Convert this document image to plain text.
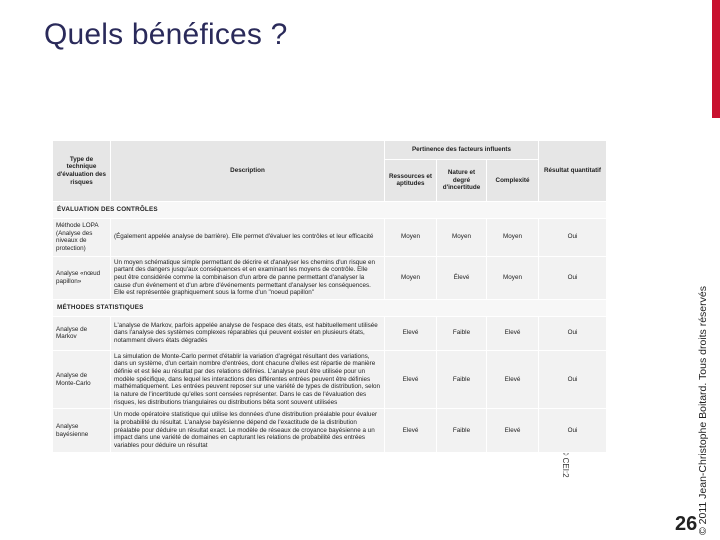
Quels bénéfices ?
© 2011 Jean-Christophe Boitard. Tous droits réservés
26
Type de technique d'évaluation des risques	Description	Pertinence des facteurs influents			Résultat quantitatif
		Ressources et aptitudes	Nature et degré d'incertitude	Complexité	
ÉVALUATION DES CONTRÔLES					
Méthode LOPA (Analyse des niveaux de protection)	(Également appelée analyse de barrière). Elle permet d'évaluer les contrôles et leur efficacité	Moyen	Moyen	Moyen	Oui
Analyse «nœud papillon»	Un moyen schématique simple permettant de décrire et d'analyser les chemins d'un risque en partant des dangers jusqu'aux conséquences et en examinant les moyens de contrôle. Elle peut être considérée comme la combinaison d'un arbre de panne permettant d'analyser la cause d'un événement et d'un arbre d'événements permettant d'analyser les conséquences. Elle est représentée graphiquement sous la forme d'un "noeud papillon"	Moyen	Élevé	Moyen	Oui
MÉTHODES STATISTIQUES					
Analyse de Markov	L'analyse de Markov, parfois appelée analyse de l'espace des états, est habituellement utilisée dans l'analyse des systèmes complexes réparables qui peuvent exister en plusieurs états, notamment divers états dégradés	Elevé	Faible	Elevé	Oui
Analyse de Monte-Carlo	La simulation de Monte-Carlo permet d'établir la variation d'agrégat résultant des variations, dans un système, d'un certain nombre d'entrées, dont chacune d'elles est répartie de manière définie et est liée au résultat par des relations définies. L'analyse peut être utilisée pour un modèle spécifique, dans lequel les interactions des différentes entrées peuvent être définies mathématiquement. Les entrées peuvent reposer sur une variété de types de distribution, selon la nature de l'incertitude qu'elles sont censées représenter. Dans le cas de l'évaluation des risques, les distributions triangulaires ou distributions bêta sont souvent utilisées	Elevé	Faible	Elevé	Oui
Analyse bayésienne	Un mode opératoire statistique qui utilise les données d'une distribution préalable pour évaluer la probabilité du résultat. L'analyse bayésienne dépend de l'exactitude de la distribution préalable pour déduire un résultat exact. Le modèle de réseaux de croyance bayésienne a un impact dans une variété de domaines en capturant les relations de probabilité des entrées variables pour déduire un résultat	Elevé	Faible	Elevé	Oui
